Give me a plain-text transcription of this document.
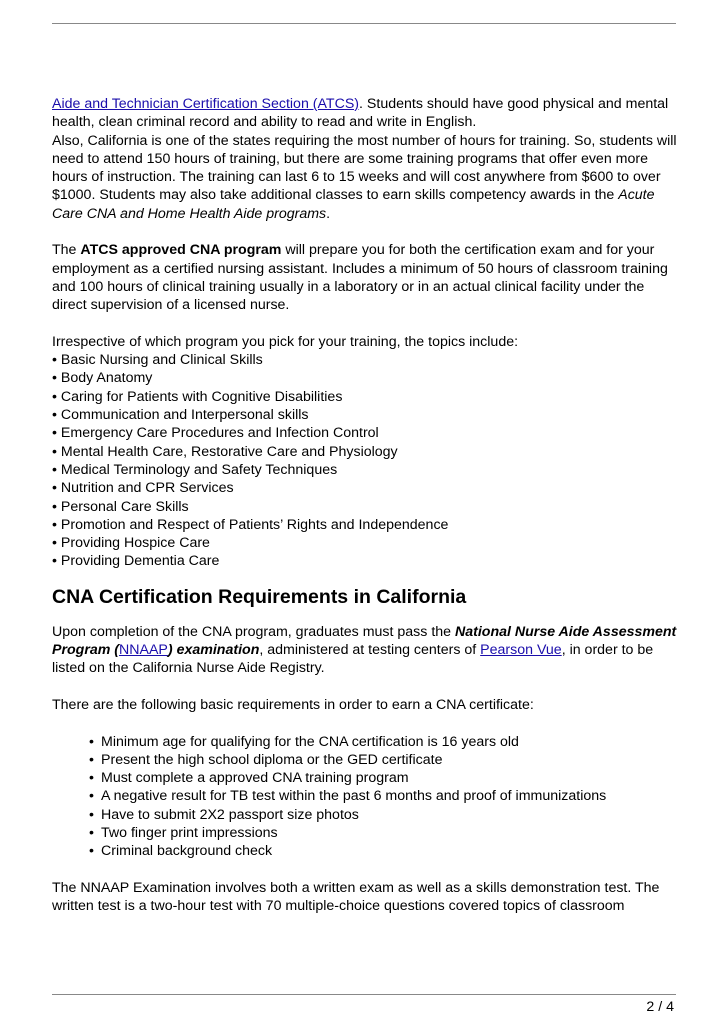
Aide and Technician Certification Section (ATCS). Students should have good physical and mental health, clean criminal record and ability to read and write in English.

Also, California is one of the states requiring the most number of hours for training. So, students will need to attend 150 hours of training, but there are some training programs that offer even more hours of instruction. The training can last 6 to 15 weeks and will cost anywhere from $600 to over $1000. Students may also take additional classes to earn skills competency awards in the Acute Care CNA and Home Health Aide programs.

The ATCS approved CNA program will prepare you for both the certification exam and for your employment as a certified nursing assistant. Includes a minimum of 50 hours of classroom training and 100 hours of clinical training usually in a laboratory or in an actual clinical facility under the direct supervision of a licensed nurse.

Irrespective of which program you pick for your training, the topics include:

• Basic Nursing and Clinical Skills
• Body Anatomy
• Caring for Patients with Cognitive Disabilities
• Communication and Interpersonal skills
• Emergency Care Procedures and Infection Control
• Mental Health Care, Restorative Care and Physiology
• Medical Terminology and Safety Techniques
• Nutrition and CPR Services
• Personal Care Skills
• Promotion and Respect of Patients’ Rights and Independence
• Providing Hospice Care
• Providing Dementia Care
CNA Certification Requirements in California

Upon completion of the CNA program, graduates must pass the National Nurse Aide Assessment Program (NNAAP) examination, administered at testing centers of Pearson Vue, in order to be listed on the California Nurse Aide Registry.

There are the following basic requirements in order to earn a CNA certificate:

• Minimum age for qualifying for the CNA certification is 16 years old
• Present the high school diploma or the GED certificate
• Must complete a approved CNA training program
• A negative result for TB test within the past 6 months and proof of immunizations
• Have to submit 2X2 passport size photos
• Two finger print impressions
• Criminal background check

The NNAAP Examination involves both a written exam as well as a skills demonstration test. The written test is a two-hour test with 70 multiple-choice questions covered topics of classroom

2 / 4
